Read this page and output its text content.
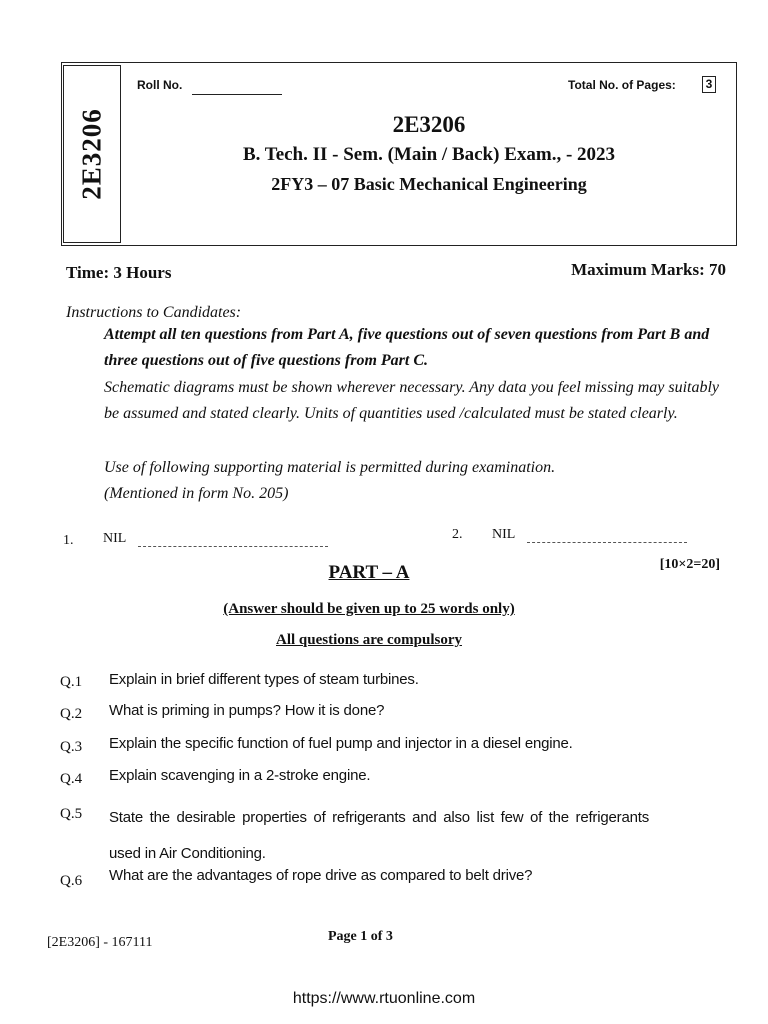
2E3206
Roll No.	Total No. of Pages:	3
2E3206
B. Tech. II - Sem. (Main / Back) Exam., - 2023
2FY3 – 07 Basic Mechanical Engineering
Time: 3 Hours	Maximum Marks: 70
Instructions to Candidates:
Attempt all ten questions from Part A, five questions out of seven questions from Part B and three questions out of five questions from Part C.
Schematic diagrams must be shown wherever necessary. Any data you feel missing may suitably be assumed and stated clearly. Units of quantities used /calculated must be stated clearly.
Use of following supporting material is permitted during examination.
(Mentioned in form No. 205)
1. NIL	2. NIL
PART – A	[10×2=20]
(Answer should be given up to 25 words only)
All questions are compulsory
Q.1 Explain in brief different types of steam turbines.
Q.2 What is priming in pumps? How it is done?
Q.3 Explain the specific function of fuel pump and injector in a diesel engine.
Q.4 Explain scavenging in a 2-stroke engine.
Q.5 State the desirable properties of refrigerants and also list few of the refrigerants used in Air Conditioning.
Q.6 What are the advantages of rope drive as compared to belt drive?
[2E3206] - 167111	Page 1 of 3
https://www.rtuonline.com
